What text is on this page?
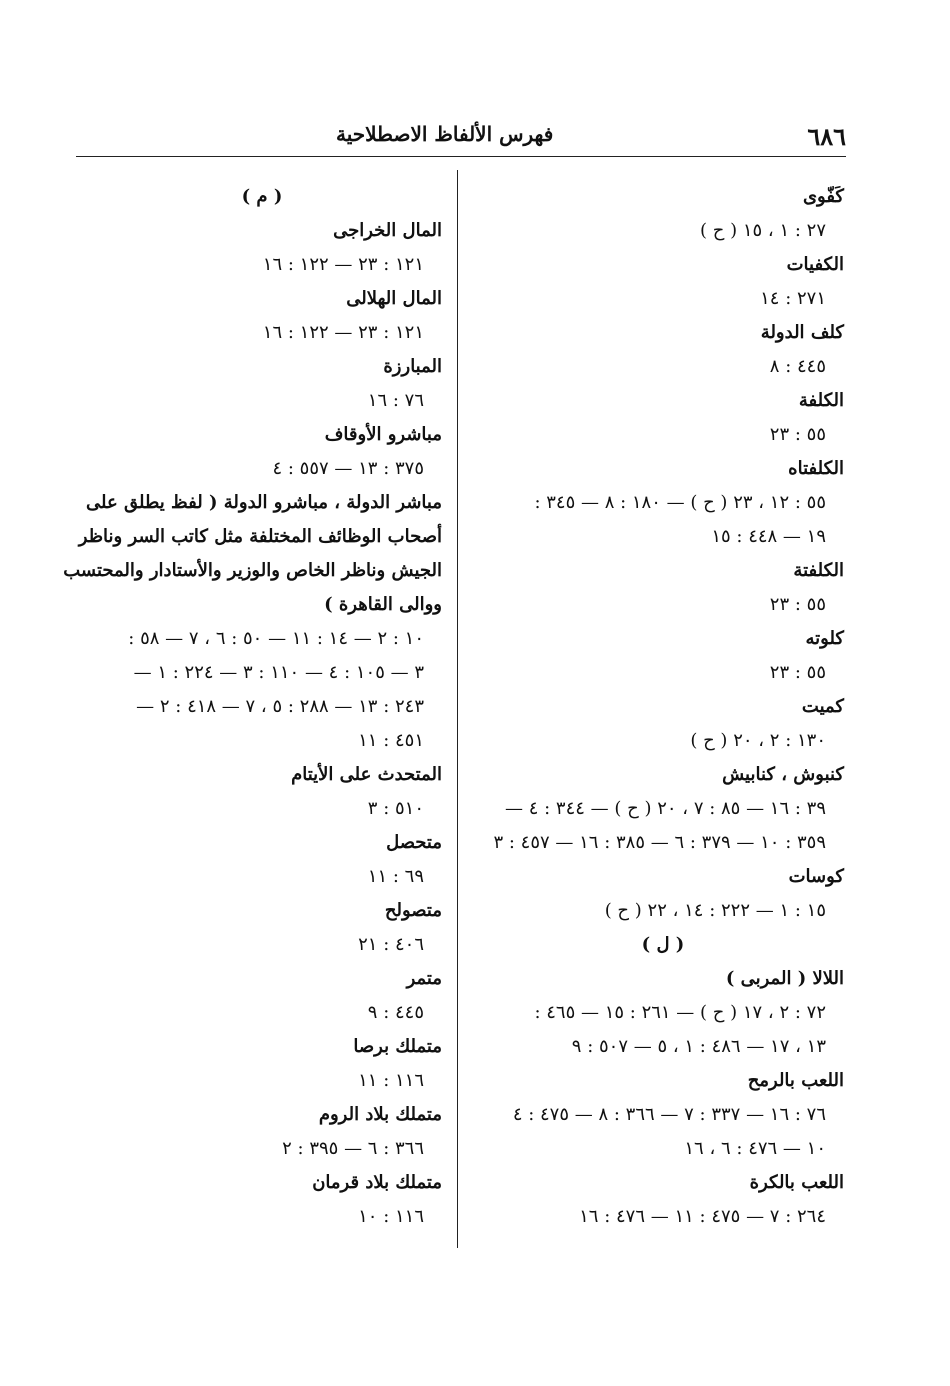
٦٨٦
فهرس الألفاظ الاصطلاحية
كَفّوى
٢٧ : ١ ، ١٥ ( ح )
الكفيات
٢٧١ : ١٤
كلف الدولة
٤٤٥ : ٨
الكلفة
٥٥ : ٢٣
الكلفتاه
٥٥ : ١٢ ، ٢٣ ( ح ) — ١٨٠ : ٨ — ٣٤٥ :
١٩ — ٤٤٨ : ١٥
الكلفتة
٥٥ : ٢٣
كلوته
٥٥ : ٢٣
كميت
١٣٠ : ٢ ، ٢٠ ( ح )
كنبوش ، كنابيش
٣٩ : ١٦ — ٨٥ : ٧ ، ٢٠ ( ح ) — ٣٤٤ : ٤ —
٣٥٩ : ١٠ — ٣٧٩ : ٦ — ٣٨٥ : ١٦ — ٤٥٧ : ٣
كوسات
١٥ : ١ — ٢٢٢ : ١٤ ، ٢٢ ( ح )
( ل )
اللالا ( المربى )
٧٢ : ٢ ، ١٧ ( ح ) — ٢٦١ : ١٥ — ٤٦٥ :
١٣ ، ١٧ — ٤٨٦ : ١ ، ٥ — ٥٠٧ : ٩
اللعب بالرمح
٧٦ : ١٦ — ٣٣٧ : ٧ — ٣٦٦ : ٨ — ٤٧٥ : ٤
١٠ — ٤٧٦ : ٦ ، ١٦
اللعب بالكرة
٢٦٤ : ٧ — ٤٧٥ : ١١ — ٤٧٦ : ١٦
( م )
المال الخراجى
١٢١ : ٢٣ — ١٢٢ : ١٦
المال الهلالى
١٢١ : ٢٣ — ١٢٢ : ١٦
المبارزة
٧٦ : ١٦
مباشرو الأوقاف
٣٧٥ : ١٣ — ٥٥٧ : ٤
مباشر الدولة ، مباشرو الدولة ( لفظ يطلق على
أصحاب الوظائف المختلفة مثل كاتب السر وناظر
الجيش وناظر الخاص والوزير والأستادار والمحتسب
ووالى القاهرة )
١٠ : ٢ — ١٤ : ١١ — ٥٠ : ٦ ، ٧ — ٥٨ :
٣ — ١٠٥ : ٤ — ١١٠ : ٣ — ٢٢٤ : ١ —
٢٤٣ : ١٣ — ٢٨٨ : ٥ ، ٧ — ٤١٨ : ٢ —
٤٥١ : ١١
المتحدث على الأيتام
٥١٠ : ٣
متحصل
٦٩ : ١١
متصولح
٤٠٦ : ٢١
متمر
٤٤٥ : ٩
متملك برصا
١١٦ : ١١
متملك بلاد الروم
٣٦٦ : ٦ — ٣٩٥ : ٢
متملك بلاد قرمان
١١٦ : ١٠
